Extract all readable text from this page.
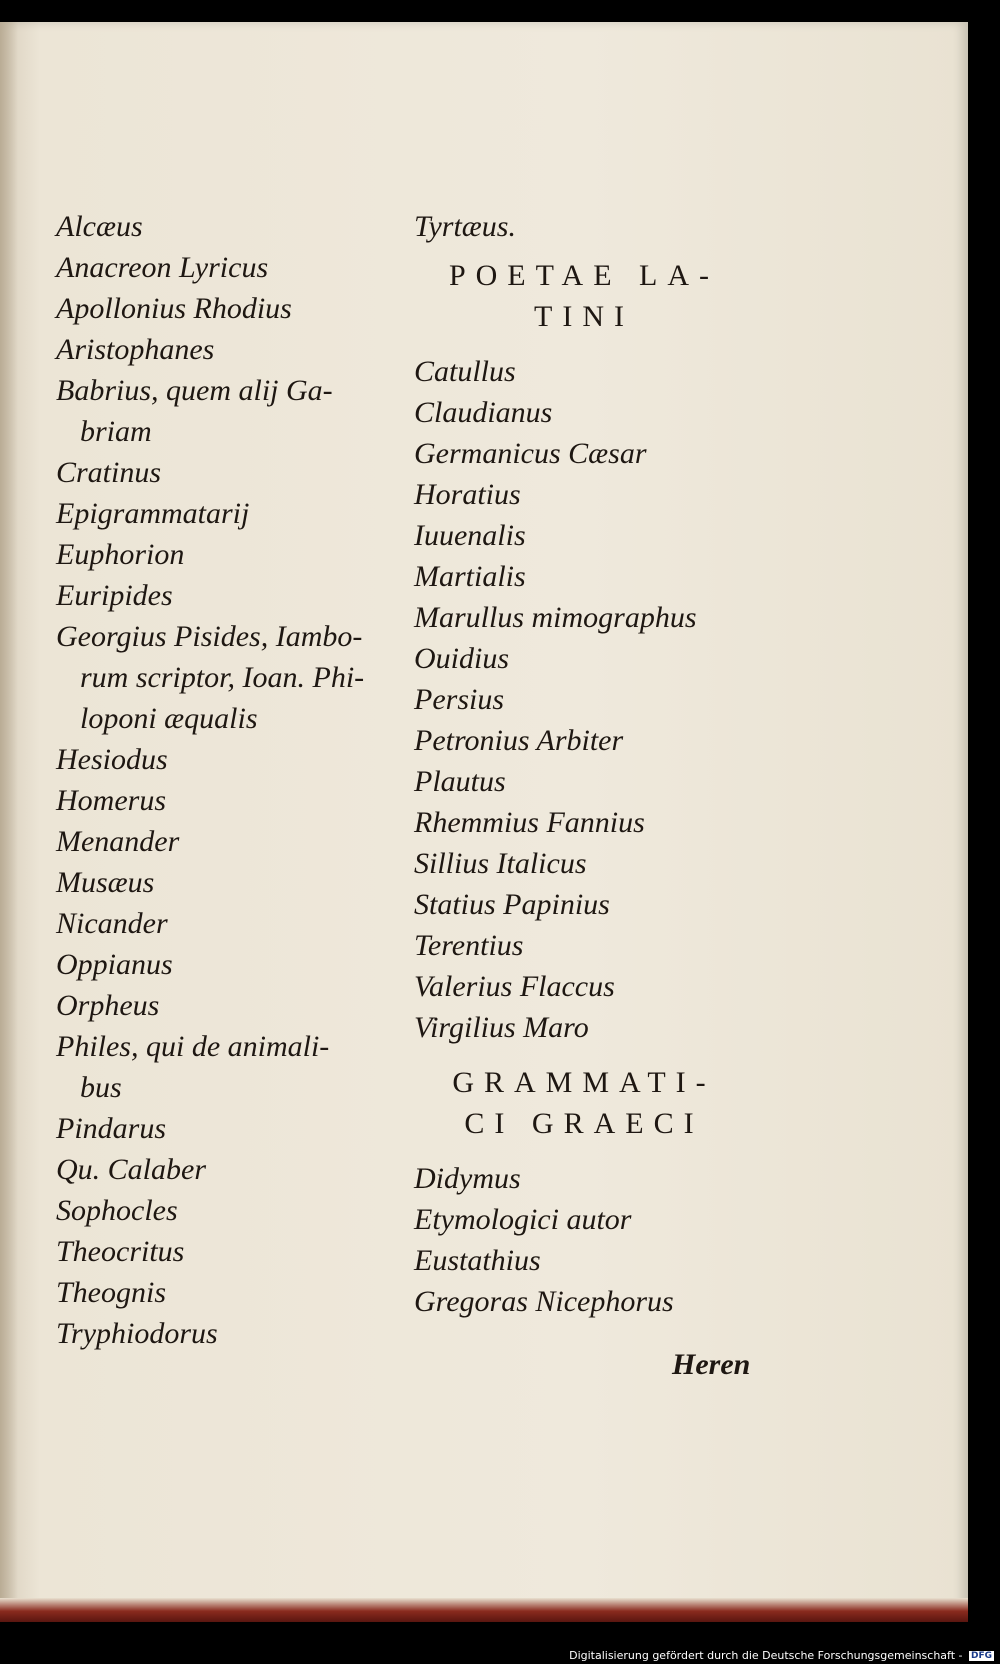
Alcæus
Anacreon Lyricus
Apollonius Rhodius
Aristophanes
Babrius, quem alij Ga-
briam
Cratinus
Epigrammatarij
Euphorion
Euripides
Georgius Pisides, Iambo-
rum scriptor, Ioan. Phi-
loponi æqualis
Hesiodus
Homerus
Menander
Musæus
Nicander
Oppianus
Orpheus
Philes, qui de animali-
bus
Pindarus
Qu. Calaber
Sophocles
Theocritus
Theognis
Tryphiodorus
Tyrtæus.
POETAE LA-
TINI
Catullus
Claudianus
Germanicus Cæsar
Horatius
Iuuenalis
Martialis
Marullus mimographus
Ouidius
Persius
Petronius Arbiter
Plautus
Rhemmius Fannius
Sillius Italicus
Statius Papinius
Terentius
Valerius Flaccus
Virgilius Maro
GRAMMATI-
CI GRAECI
Didymus
Etymologici autor
Eustathius
Gregoras Nicephorus
Heren
Digitalisierung gefördert durch die Deutsche Forschungsgemeinschaft - DFG
